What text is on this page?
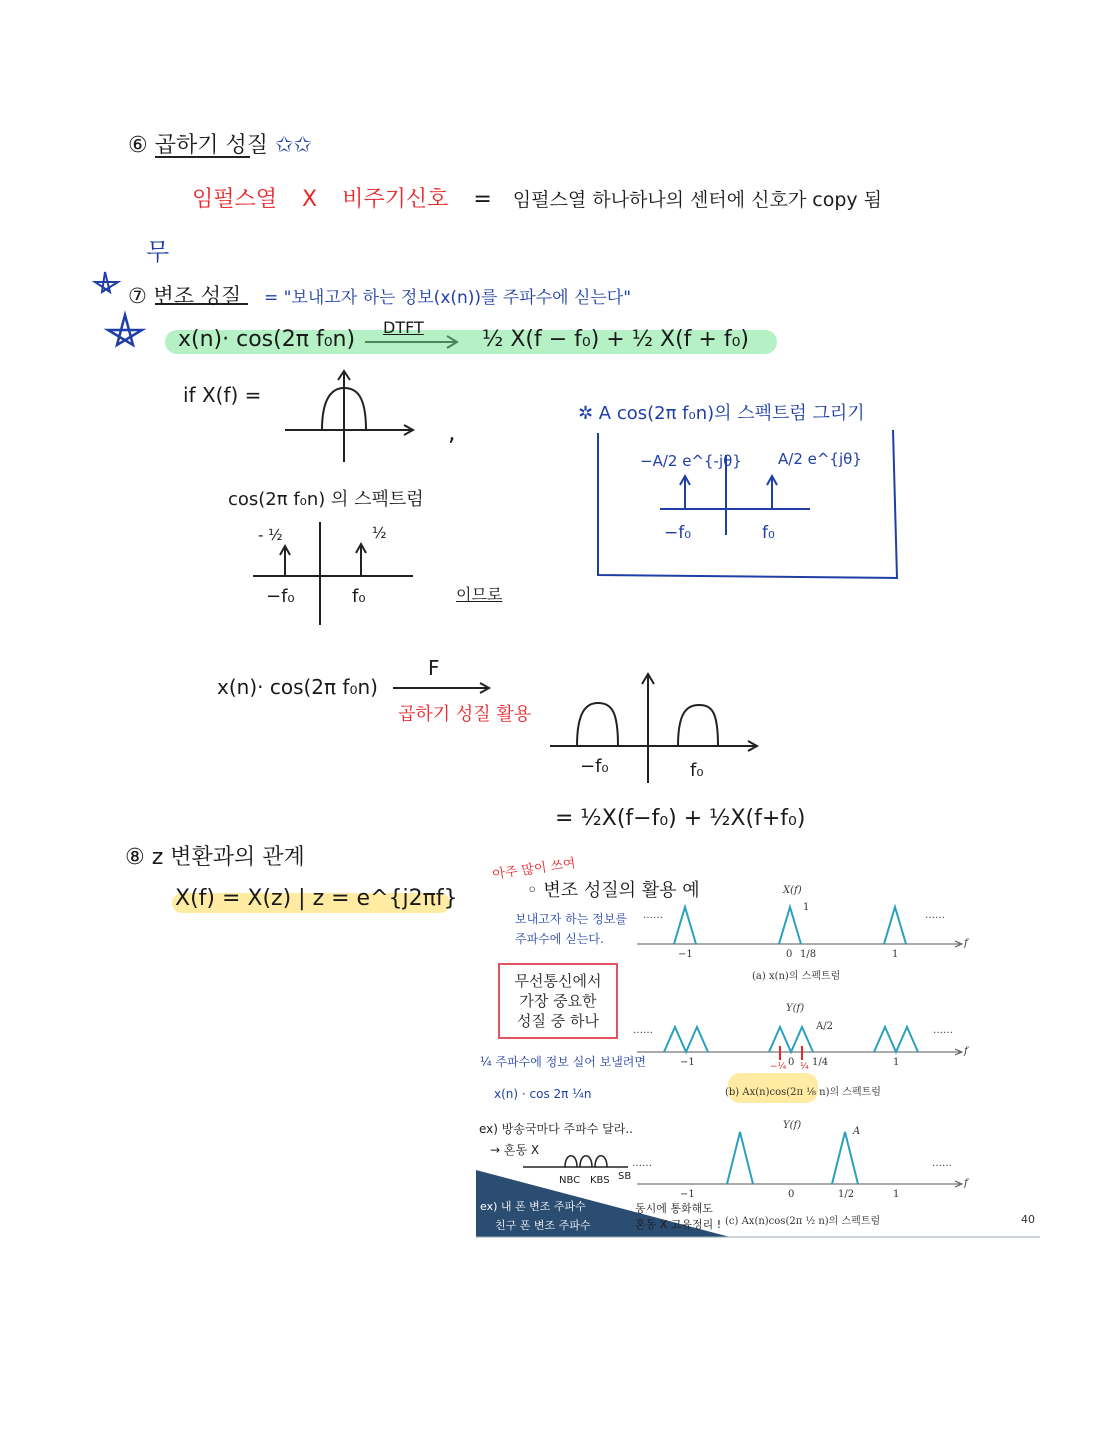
⑥ 곱하기 성질 ✩✩
임펄스열 X 비주기신호 = 임펄스열 하나하나의 센터에 신호가 copy 됨
무
⑦ 변조 성질 = "보내고자 하는 정보(x(n))를 주파수에 싣는다"
x(n)· cos(2π f₀n) DTFT	½ X(f − f₀) + ½ X(f + f₀)
if X(f) =
,
cos(2π f₀n) 의 스펙트럼
- ½	½
−f₀	f₀	이므로
✲ A cos(2π f₀n)의 스펙트럼 그리기
−A/2 e^{-jθ} A/2 e^{jθ}
−f₀	f₀
x(n)· cos(2π f₀n)
F
곱하기 성질 활용
−f₀	f₀
= ½X(f−f₀) + ½X(f+f₀)
⑧ z 변환과의 관계
X(f) = X(z) | z = e^{j2πf}
아주 많이 쓰여
◦ 변조 성질의 활용 예
보내고자 하는 정보를
주파수에 싣는다.
무선통신에서
가장 중요한
성질 중 하나
¼ 주파수에 정보 실어 보낼려면
x(n) · cos 2π ¼n
ex) 방송국마다 주파수 달라..
→ 혼동 X
NBC KBS SB
ex) 내 폰 변조 주파수
친구 폰 변조 주파수
동시에 통화해도
혼동 X 고유정리 !
X(f)
1
……	……
f
−1	0 1/8	1
(a) x(n)의 스펙트럼
Y(f)
A/2
……	……
f
−1	0 1/4	1
−¼ ¼
(b) Ax(n)cos(2π ⅛ n)의 스펙트럼
Y(f)
A
……	……
f
−1	0	1/2	1
(c) Ax(n)cos(2π ½ n)의 스펙트럼	40
